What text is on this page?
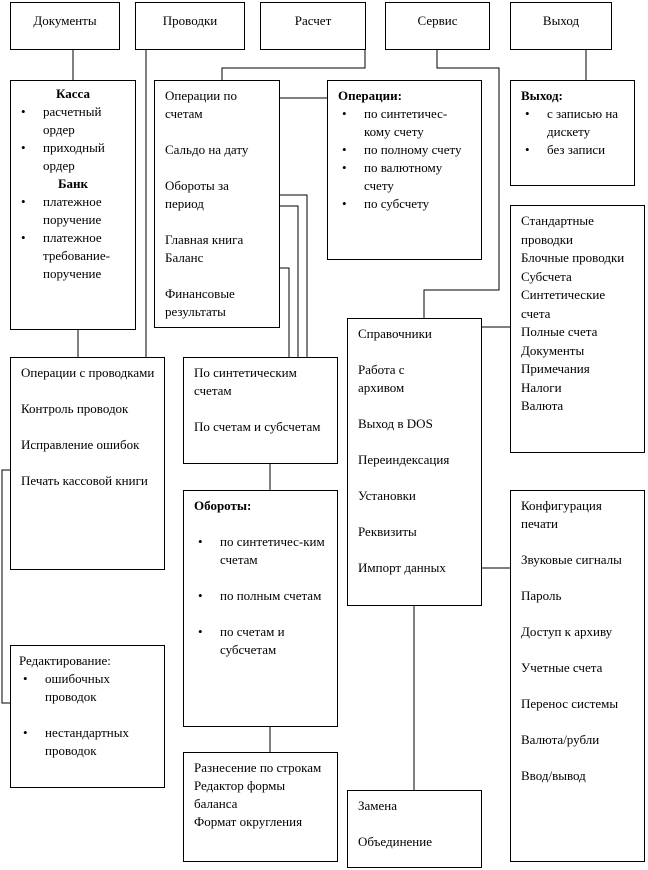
Документы	Проводки	Расчет	Сервис	Выход
Касса
• расчетный ордер
• приходный ордер
Банк
• платежное поручение
• платежное требование-поручение
Операции с проводками
Контроль проводок
Исправление ошибок
Печать кассовой книги
Редактирование:
• ошибочных проводок
• нестандартных проводок
Операции по счетам
Сальдо на дату
Обороты за период
Главная книга Баланс
Финансовые результаты
Операции:
• по синтетичес-кому счету
• по полному счету
• по валютному счету
• по субсчету
По синтетическим счетам
По счетам и субсчетам
Обороты:
• по синтетичес-ким счетам
• по полным счетам
• по счетам и субсчетам
Разнесение по строкам
Редактор формы баланса
Формат округления
Выход:
• с записью на дискету
• без записи
Стандартные проводки
Блочные проводки
Субсчета
Синтетические счета
Полные счета
Документы
Примечания
Налоги
Валюта
Справочники
Работа с архивом
Выход в DOS
Переиндексация
Установки
Реквизиты
Импорт данных
Конфигурация печати
Звуковые сигналы
Пароль
Доступ к архиву
Учетные счета
Перенос системы
Валюта/рубли
Ввод/вывод
Замена
Объединение
